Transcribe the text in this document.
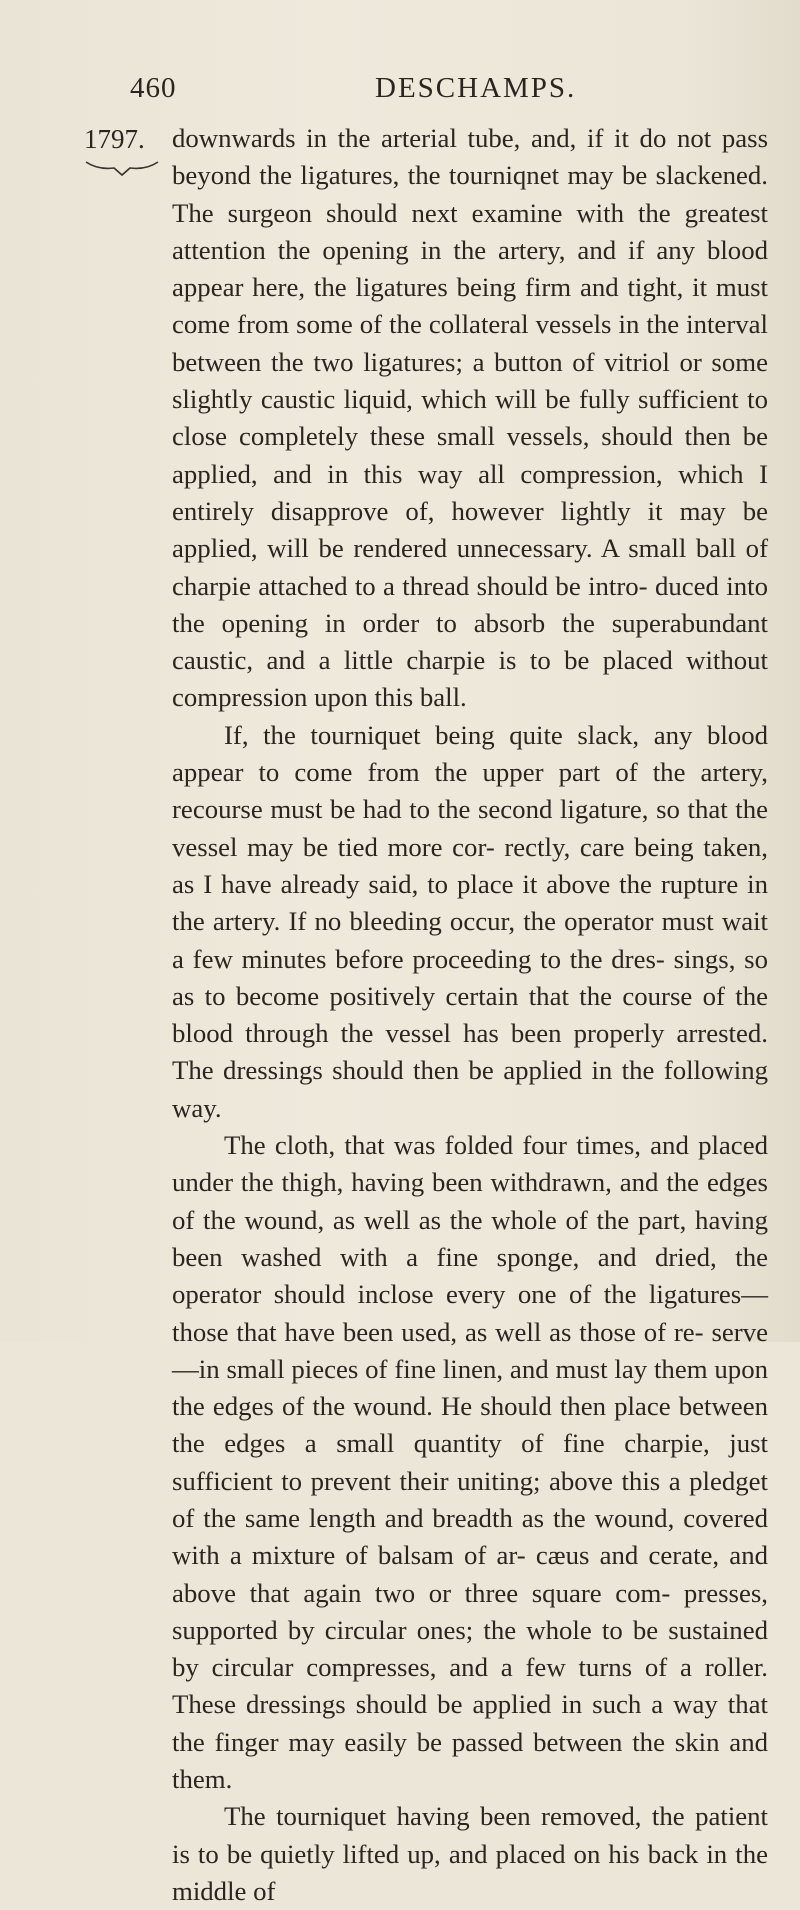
460	DESCHAMPS.
1797. downwards in the arterial tube, and, if it do not pass beyond the ligatures, the tourniqnet may be slackened. The surgeon should next examine with the greatest attention the opening in the artery, and if any blood appear here, the ligatures being firm and tight, it must come from some of the collateral vessels in the interval between the two ligatures; a button of vitriol or some slightly caustic liquid, which will be fully sufficient to close completely these small vessels, should then be applied, and in this way all compression, which I entirely disapprove of, however lightly it may be applied, will be rendered unnecessary. A small ball of charpie attached to a thread should be intro- duced into the opening in order to absorb the superabundant caustic, and a little charpie is to be placed without compression upon this ball.

If, the tourniquet being quite slack, any blood appear to come from the upper part of the artery, recourse must be had to the second ligature, so that the vessel may be tied more cor- rectly, care being taken, as I have already said, to place it above the rupture in the artery. If no bleeding occur, the operator must wait a few minutes before proceeding to the dres- sings, so as to become positively certain that the course of the blood through the vessel has been properly arrested. The dressings should then be applied in the following way.

The cloth, that was folded four times, and placed under the thigh, having been withdrawn, and the edges of the wound, as well as the whole of the part, having been washed with a fine sponge, and dried, the operator should inclose every one of the ligatures—those that have been used, as well as those of re- serve—in small pieces of fine linen, and must lay them upon the edges of the wound. He should then place between the edges a small quantity of fine charpie, just sufficient to prevent their uniting; above this a pledget of the same length and breadth as the wound, covered with a mixture of balsam of ar- cæus and cerate, and above that again two or three square com- presses, supported by circular ones; the whole to be sustained by circular compresses, and a few turns of a roller. These dressings should be applied in such a way that the finger may easily be passed between the skin and them.

The tourniquet having been removed, the patient is to be quietly lifted up, and placed on his back in the middle of
